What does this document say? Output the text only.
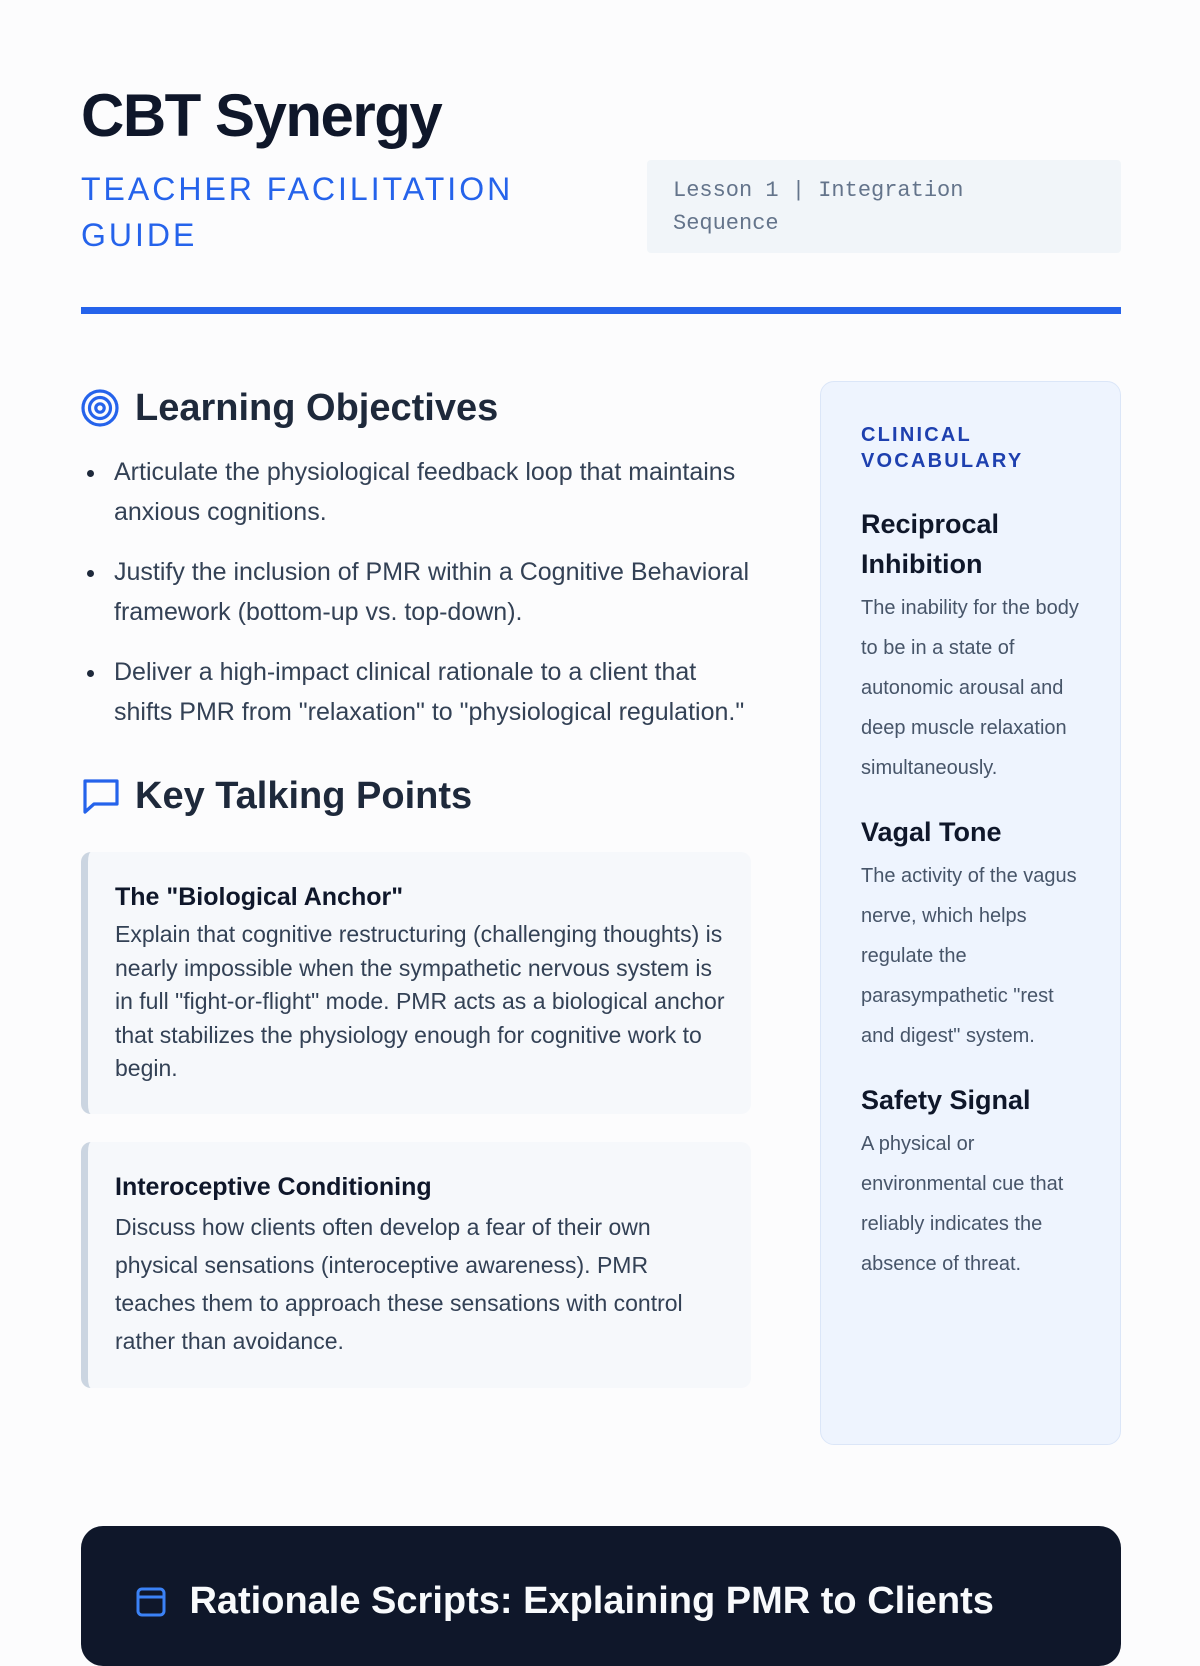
CBT Synergy
TEACHER FACILITATION GUIDE
Lesson 1 | Integration
Sequence
Learning Objectives
Articulate the physiological feedback loop that maintains anxious cognitions.
Justify the inclusion of PMR within a Cognitive Behavioral framework (bottom-up vs. top-down).
Deliver a high-impact clinical rationale to a client that shifts PMR from "relaxation" to "physiological regulation."
Key Talking Points
The "Biological Anchor"

Explain that cognitive restructuring (challenging thoughts) is nearly impossible when the sympathetic nervous system is in full "fight-or-flight" mode. PMR acts as a biological anchor that stabilizes the physiology enough for cognitive work to begin.

Interoceptive Conditioning

Discuss how clients often develop a fear of their own physical sensations (interoceptive awareness). PMR teaches them to approach these sensations with control rather than avoidance.

CLINICAL VOCABULARY
Reciprocal Inhibition

The inability for the body to be in a state of autonomic arousal and deep muscle relaxation simultaneously.

Vagal Tone

The activity of the vagus nerve, which helps regulate the parasympathetic "rest and digest" system.

Safety Signal

A physical or environmental cue that reliably indicates the absence of threat.

Rationale Scripts: Explaining PMR to Clients
